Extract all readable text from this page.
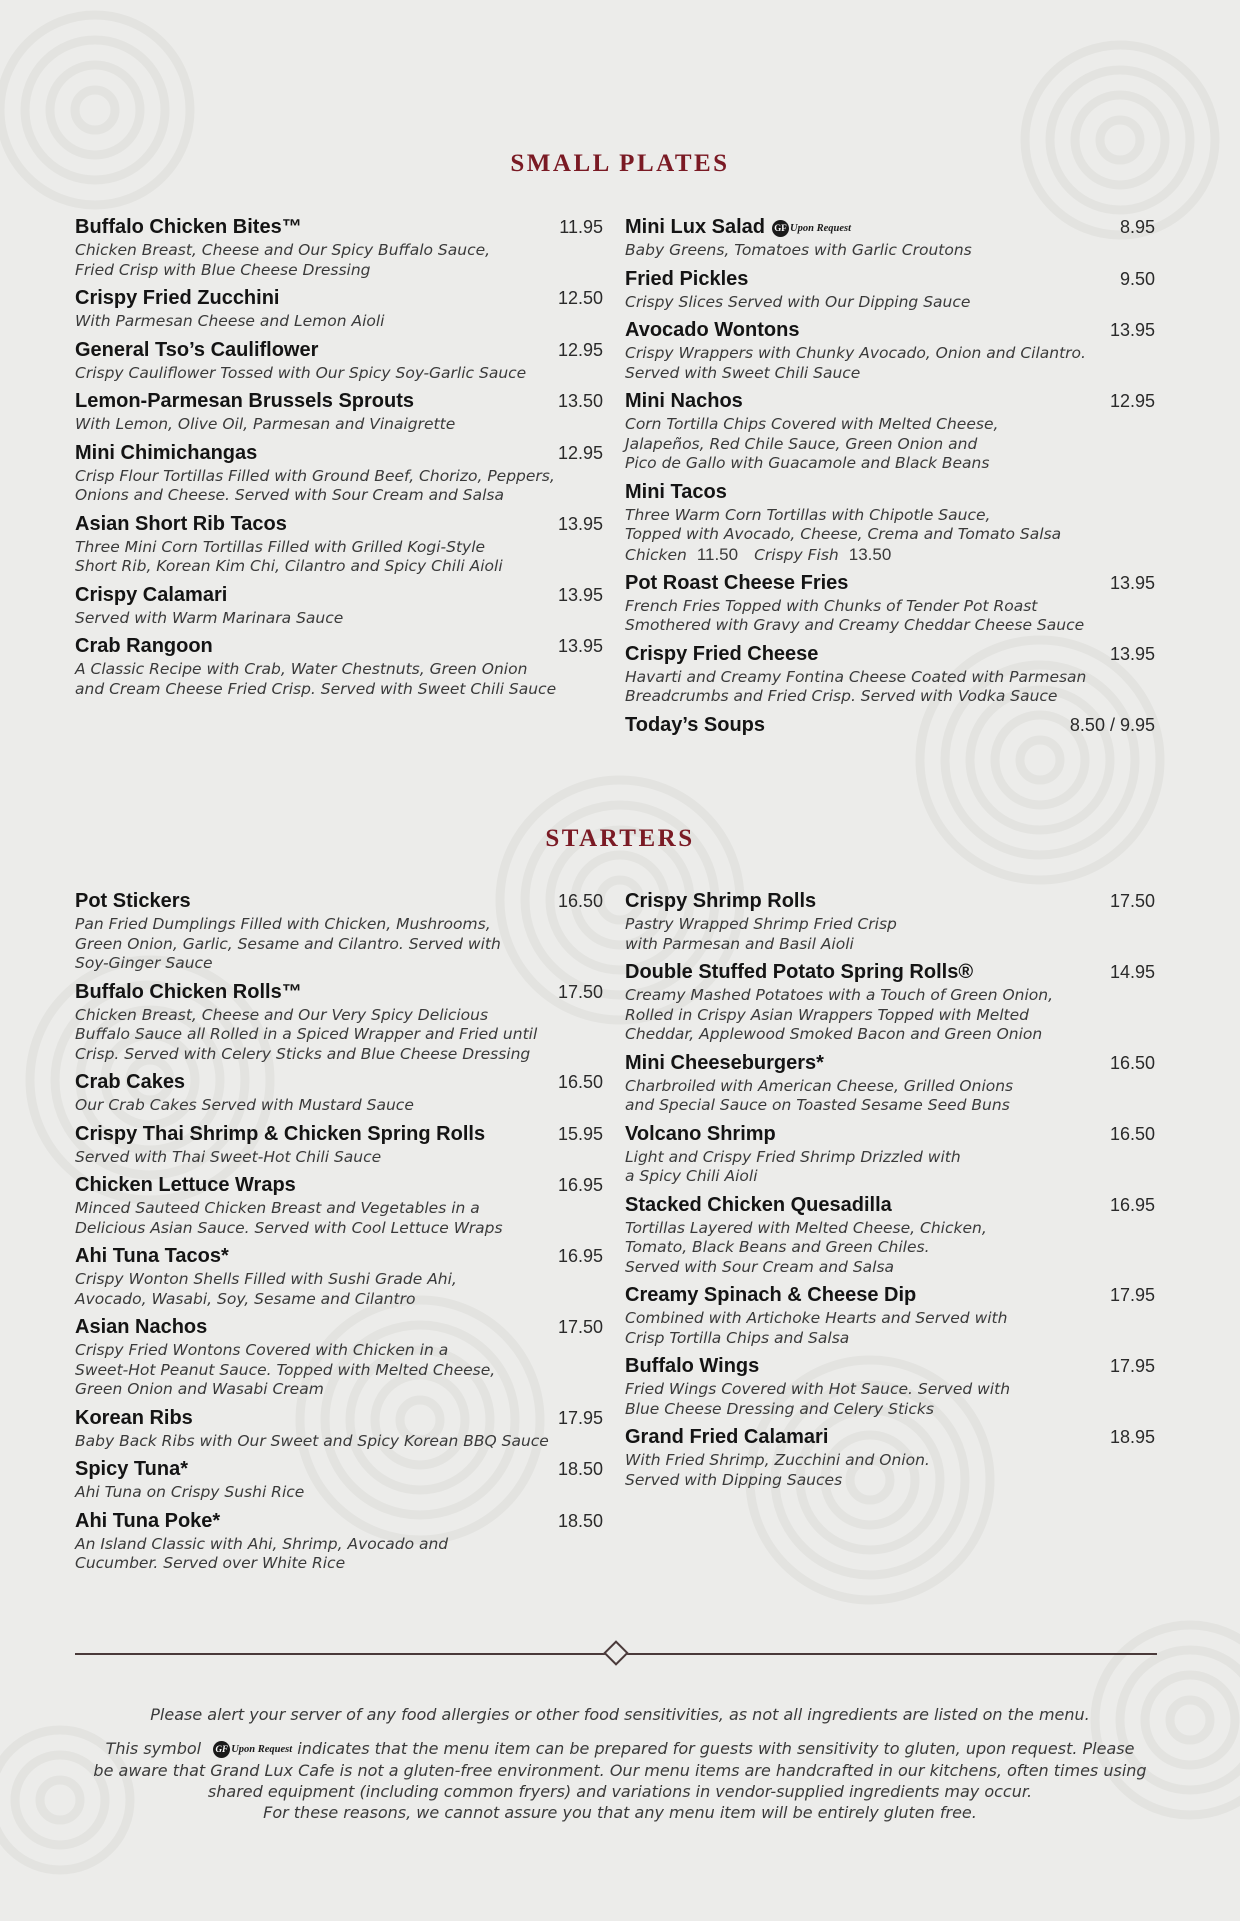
SMALL PLATES
Buffalo Chicken Bites™	11.95
Chicken Breast, Cheese and Our Spicy Buffalo Sauce,
Fried Crisp with Blue Cheese Dressing
Crispy Fried Zucchini	12.50
With Parmesan Cheese and Lemon Aioli
General Tso’s Cauliflower	12.95
Crispy Cauliflower Tossed with Our Spicy Soy-Garlic Sauce
Lemon-Parmesan Brussels Sprouts	13.50
With Lemon, Olive Oil, Parmesan and Vinaigrette
Mini Chimichangas	12.95
Crisp Flour Tortillas Filled with Ground Beef, Chorizo, Peppers,
Onions and Cheese. Served with Sour Cream and Salsa
Asian Short Rib Tacos	13.95
Three Mini Corn Tortillas Filled with Grilled Kogi-Style
Short Rib, Korean Kim Chi, Cilantro and Spicy Chili Aioli
Crispy Calamari	13.95
Served with Warm Marinara Sauce
Crab Rangoon	13.95
A Classic Recipe with Crab, Water Chestnuts, Green Onion
and Cream Cheese Fried Crisp. Served with Sweet Chili Sauce
Mini Lux Salad GF Upon Request	8.95
Baby Greens, Tomatoes with Garlic Croutons
Fried Pickles	9.50
Crispy Slices Served with Our Dipping Sauce
Avocado Wontons	13.95
Crispy Wrappers with Chunky Avocado, Onion and Cilantro.
Served with Sweet Chili Sauce
Mini Nachos	12.95
Corn Tortilla Chips Covered with Melted Cheese,
Jalapeños, Red Chile Sauce, Green Onion and
Pico de Gallo with Guacamole and Black Beans
Mini Tacos
Three Warm Corn Tortillas with Chipotle Sauce,
Topped with Avocado, Cheese, Crema and Tomato Salsa
Chicken 11.50 Crispy Fish 13.50
Pot Roast Cheese Fries	13.95
French Fries Topped with Chunks of Tender Pot Roast
Smothered with Gravy and Creamy Cheddar Cheese Sauce
Crispy Fried Cheese	13.95
Havarti and Creamy Fontina Cheese Coated with Parmesan
Breadcrumbs and Fried Crisp. Served with Vodka Sauce
Today’s Soups	8.50 / 9.95
STARTERS
Pot Stickers	16.50
Pan Fried Dumplings Filled with Chicken, Mushrooms,
Green Onion, Garlic, Sesame and Cilantro. Served with
Soy-Ginger Sauce
Buffalo Chicken Rolls™	17.50
Chicken Breast, Cheese and Our Very Spicy Delicious
Buffalo Sauce all Rolled in a Spiced Wrapper and Fried until
Crisp. Served with Celery Sticks and Blue Cheese Dressing
Crab Cakes	16.50
Our Crab Cakes Served with Mustard Sauce
Crispy Thai Shrimp & Chicken Spring Rolls	15.95
Served with Thai Sweet-Hot Chili Sauce
Chicken Lettuce Wraps	16.95
Minced Sauteed Chicken Breast and Vegetables in a
Delicious Asian Sauce. Served with Cool Lettuce Wraps
Ahi Tuna Tacos*	16.95
Crispy Wonton Shells Filled with Sushi Grade Ahi,
Avocado, Wasabi, Soy, Sesame and Cilantro
Asian Nachos	17.50
Crispy Fried Wontons Covered with Chicken in a
Sweet-Hot Peanut Sauce. Topped with Melted Cheese,
Green Onion and Wasabi Cream
Korean Ribs	17.95
Baby Back Ribs with Our Sweet and Spicy Korean BBQ Sauce
Spicy Tuna*	18.50
Ahi Tuna on Crispy Sushi Rice
Ahi Tuna Poke*	18.50
An Island Classic with Ahi, Shrimp, Avocado and
Cucumber. Served over White Rice
Crispy Shrimp Rolls	17.50
Pastry Wrapped Shrimp Fried Crisp
with Parmesan and Basil Aioli
Double Stuffed Potato Spring Rolls®	14.95
Creamy Mashed Potatoes with a Touch of Green Onion,
Rolled in Crispy Asian Wrappers Topped with Melted
Cheddar, Applewood Smoked Bacon and Green Onion
Mini Cheeseburgers*	16.50
Charbroiled with American Cheese, Grilled Onions
and Special Sauce on Toasted Sesame Seed Buns
Volcano Shrimp	16.50
Light and Crispy Fried Shrimp Drizzled with
a Spicy Chili Aioli
Stacked Chicken Quesadilla	16.95
Tortillas Layered with Melted Cheese, Chicken,
Tomato, Black Beans and Green Chiles.
Served with Sour Cream and Salsa
Creamy Spinach & Cheese Dip	17.95
Combined with Artichoke Hearts and Served with
Crisp Tortilla Chips and Salsa
Buffalo Wings	17.95
Fried Wings Covered with Hot Sauce. Served with
Blue Cheese Dressing and Celery Sticks
Grand Fried Calamari	18.95
With Fried Shrimp, Zucchini and Onion.
Served with Dipping Sauces
Please alert your server of any food allergies or other food sensitivities, as not all ingredients are listed on the menu.
This symbol GF Upon Request indicates that the menu item can be prepared for guests with sensitivity to gluten, upon request. Please
be aware that Grand Lux Cafe is not a gluten-free environment. Our menu items are handcrafted in our kitchens, often times using
shared equipment (including common fryers) and variations in vendor-supplied ingredients may occur.
For these reasons, we cannot assure you that any menu item will be entirely gluten free.
